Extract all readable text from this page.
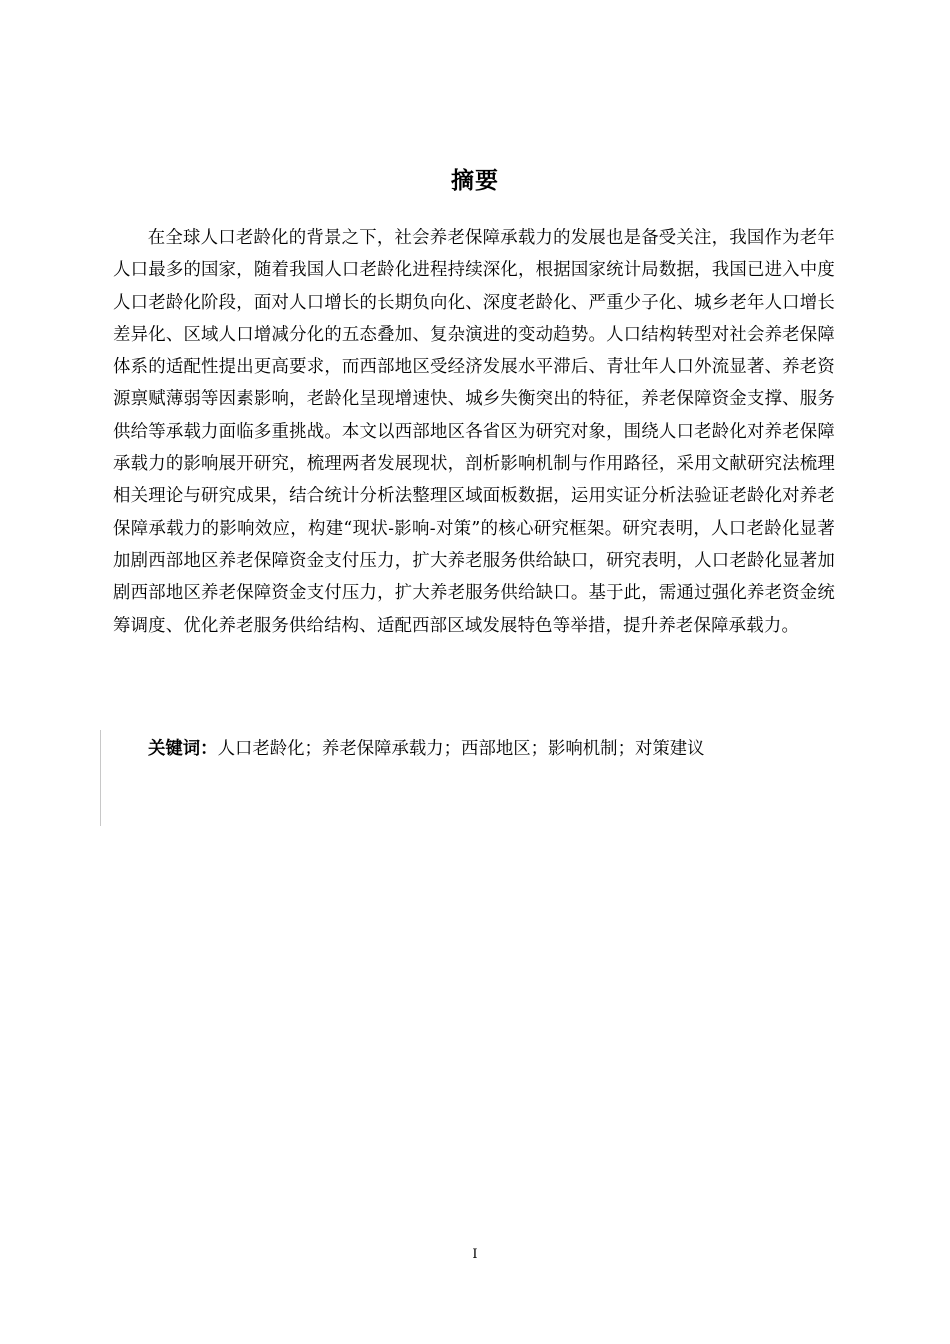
摘要

在全球人口老龄化的背景之下，社会养老保障承载力的发展也是备受关注，我国作为老年人口最多的国家，随着我国人口老龄化进程持续深化，根据国家统计局数据，我国已进入中度人口老龄化阶段，面对人口增长的长期负向化、深度老龄化、严重少子化、城乡老年人口增长差异化、区域人口增减分化的五态叠加、复杂演进的变动趋势。人口结构转型对社会养老保障体系的适配性提出更高要求，而西部地区受经济发展水平滞后、青壮年人口外流显著、养老资源禀赋薄弱等因素影响，老龄化呈现增速快、城乡失衡突出的特征，养老保障资金支撑、服务供给等承载力面临多重挑战。本文以西部地区各省区为研究对象，围绕人口老龄化对养老保障承载力的影响展开研究，梳理两者发展现状，剖析影响机制与作用路径，采用文献研究法梳理相关理论与研究成果，结合统计分析法整理区域面板数据，运用实证分析法验证老龄化对养老保障承载力的影响效应，构建“现状-影响-对策”的核心研究框架。研究表明，人口老龄化显著加剧西部地区养老保障资金支付压力，扩大养老服务供给缺口，研究表明，人口老龄化显著加剧西部地区养老保障资金支付压力，扩大养老服务供给缺口。基于此，需通过强化养老资金统筹调度、优化养老服务供给结构、适配西部区域发展特色等举措，提升养老保障承载力。

关键词：人口老龄化；养老保障承载力；西部地区；影响机制；对策建议
I
